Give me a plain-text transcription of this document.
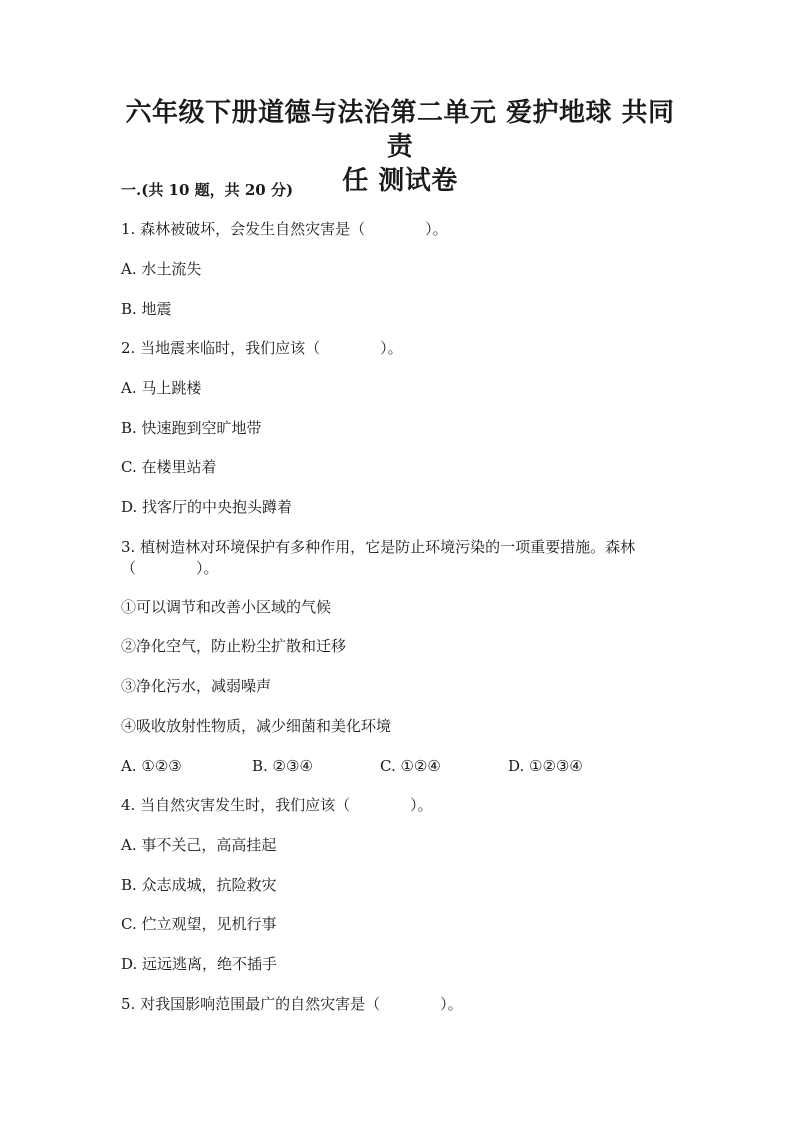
六年级下册道德与法治第二单元 爱护地球 共同责
任 测试卷
一.(共 10 题，共 20 分)
1. 森林被破坏，会发生自然灾害是（　　　　）。
A. 水土流失
B. 地震
2. 当地震来临时，我们应该（　　　　）。
A. 马上跳楼
B. 快速跑到空旷地带
C. 在楼里站着
D. 找客厅的中央抱头蹲着
3. 植树造林对环境保护有多种作用，它是防止环境污染的一项重要措施。森林
（　　　　）。
①可以调节和改善小区域的气候
②净化空气，防止粉尘扩散和迁移
③净化污水，减弱噪声
④吸收放射性物质，减少细菌和美化环境
A. ①②③	B. ②③④	C. ①②④	D. ①②③④
4. 当自然灾害发生时，我们应该（　　　　）。
A. 事不关己，高高挂起
B. 众志成城，抗险救灾
C. 伫立观望，见机行事
D. 远远逃离，绝不插手
5. 对我国影响范围最广的自然灾害是（　　　　）。
